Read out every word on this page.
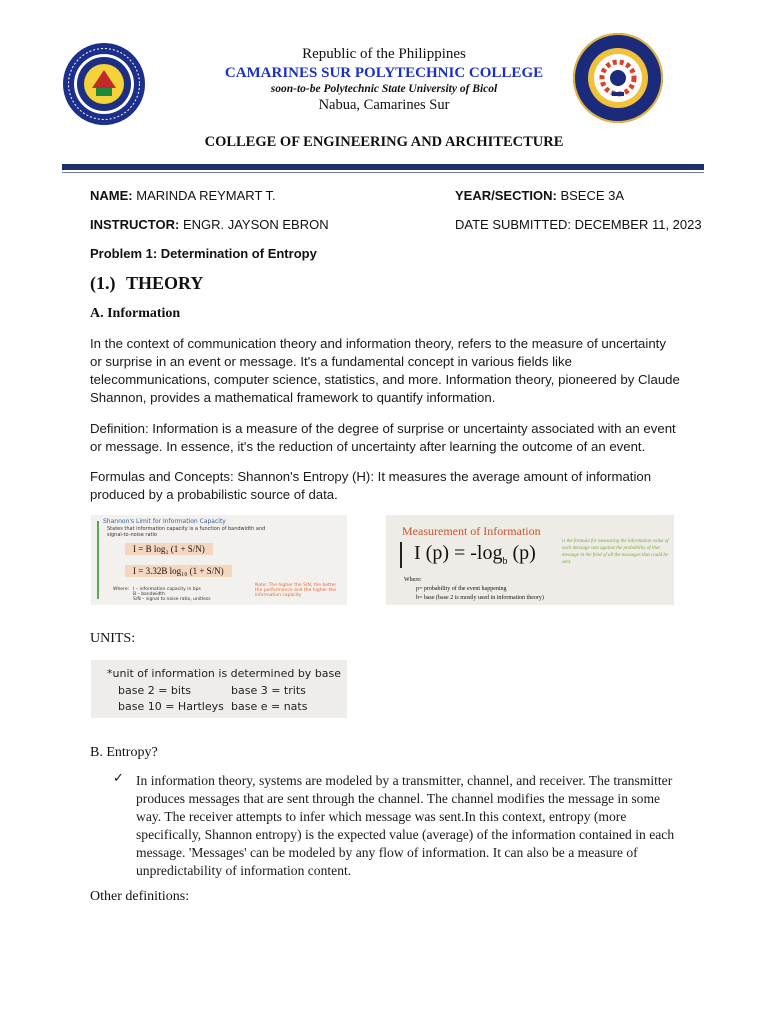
Republic of the Philippines
CAMARINES SUR POLYTECHNIC COLLEGE
soon-to-be Polytechnic State University of Bicol
Nabua, Camarines Sur
COLLEGE OF ENGINEERING AND ARCHITECTURE
NAME: MARINDA REYMART T.	YEAR/SECTION: BSECE 3A
INSTRUCTOR: ENGR. JAYSON EBRON	DATE SUBMITTED: DECEMBER 11, 2023
Problem 1: Determination of Entropy
(1.) THEORY
A. Information

In the context of communication theory and information theory, refers to the measure of uncertainty or surprise in an event or message. It's a fundamental concept in various fields like telecommunications, computer science, statistics, and more. Information theory, pioneered by Claude Shannon, provides a mathematical framework to quantify information.

Definition: Information is a measure of the degree of surprise or uncertainty associated with an event or message. In essence, it's the reduction of uncertainty after learning the outcome of an event.

Formulas and Concepts: Shannon's Entropy (H): It measures the average amount of information produced by a probabilistic source of data.

Shannon's Limit for Information Capacity
States that information capacity is a function of bandwidth and signal-to-noise ratio
I = B log₂ (1 + S/N)
I = 3.32B log₁₀ (1 + S/N)
Where: I – information capacity in bps
B – bandwidth
S/N – signal to noise ratio, unitless
Note: The higher the S/N, the better the performance and the higher the information capacity
Measurement of Information
I $(p) = -\log_b$ (p)
is the formula for measuring the information value of each message sent against the probability of that message in the field of all the messages that could be sent.
Where:
p= probability of the event happening
b= base (base 2 is mostly used in information theory)
UNITS:
*unit of information is determined by base
base 2 = bits	base 3 = trits
base 10 = Hartleys base e = nats
B. Entropy?
✓ In information theory, systems are modeled by a transmitter, channel, and receiver. The transmitter produces messages that are sent through the channel. The channel modifies the message in some way. The receiver attempts to infer which message was sent.In this context, entropy (more specifically, Shannon entropy) is the expected value (average) of the information contained in each message. 'Messages' can be modeled by any flow of information. It can also be a measure of unpredictability of information content.

Other definitions:
